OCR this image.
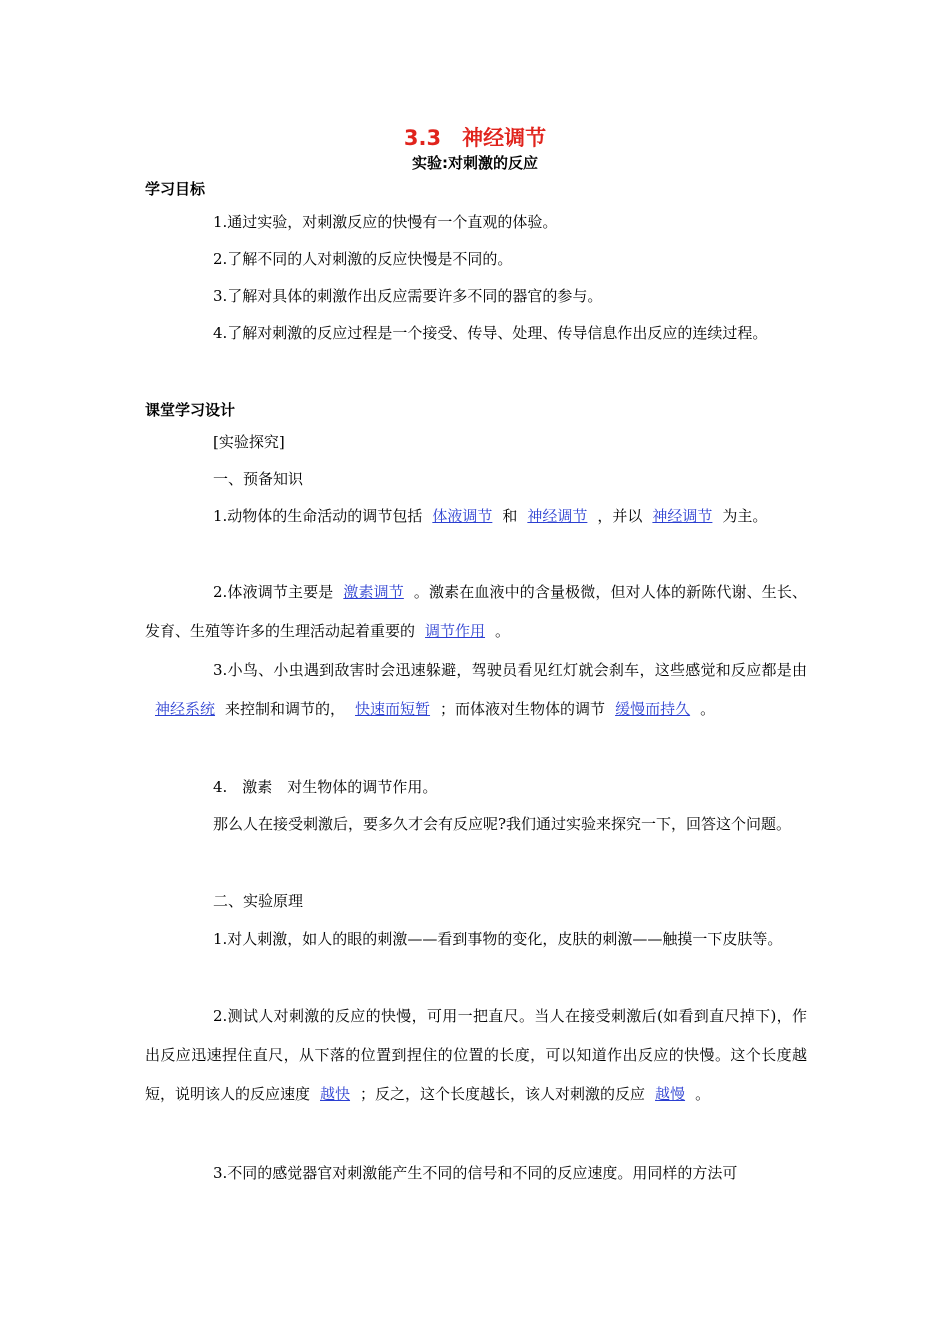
3.3　神经调节
实验:对刺激的反应
学习目标
1.通过实验，对刺激反应的快慢有一个直观的体验。
2.了解不同的人对刺激的反应快慢是不同的。
3.了解对具体的刺激作出反应需要许多不同的器官的参与。
4.了解对刺激的反应过程是一个接受、传导、处理、传导信息作出反应的连续过程。
课堂学习设计
[实验探究]
一、预备知识
1.动物体的生命活动的调节包括 体液调节 和 神经调节 ，并以 神经调节 为主。
2.体液调节主要是 激素调节 。激素在血液中的含量极微，但对人体的新陈代谢、生长、发育、生殖等许多的生理活动起着重要的 调节作用 。
3.小鸟、小虫遇到敌害时会迅速躲避，驾驶员看见红灯就会刹车，这些感觉和反应都是由神经系统 来控制和调节的， 快速而短暂 ；而体液对生物体的调节 缓慢而持久 。
4.　激素　对生物体的调节作用。
那么人在接受刺激后，要多久才会有反应呢?我们通过实验来探究一下，回答这个问题。
二、实验原理
1.对人刺激，如人的眼的刺激——看到事物的变化，皮肤的刺激——触摸一下皮肤等。
2.测试人对刺激的反应的快慢，可用一把直尺。当人在接受刺激后(如看到直尺掉下)，作出反应迅速捏住直尺，从下落的位置到捏住的位置的长度，可以知道作出反应的快慢。这个长度越短，说明该人的反应速度 越快 ；反之，这个长度越长，该人对刺激的反应 越慢 。
3.不同的感觉器官对刺激能产生不同的信号和不同的反应速度。用同样的方法可
